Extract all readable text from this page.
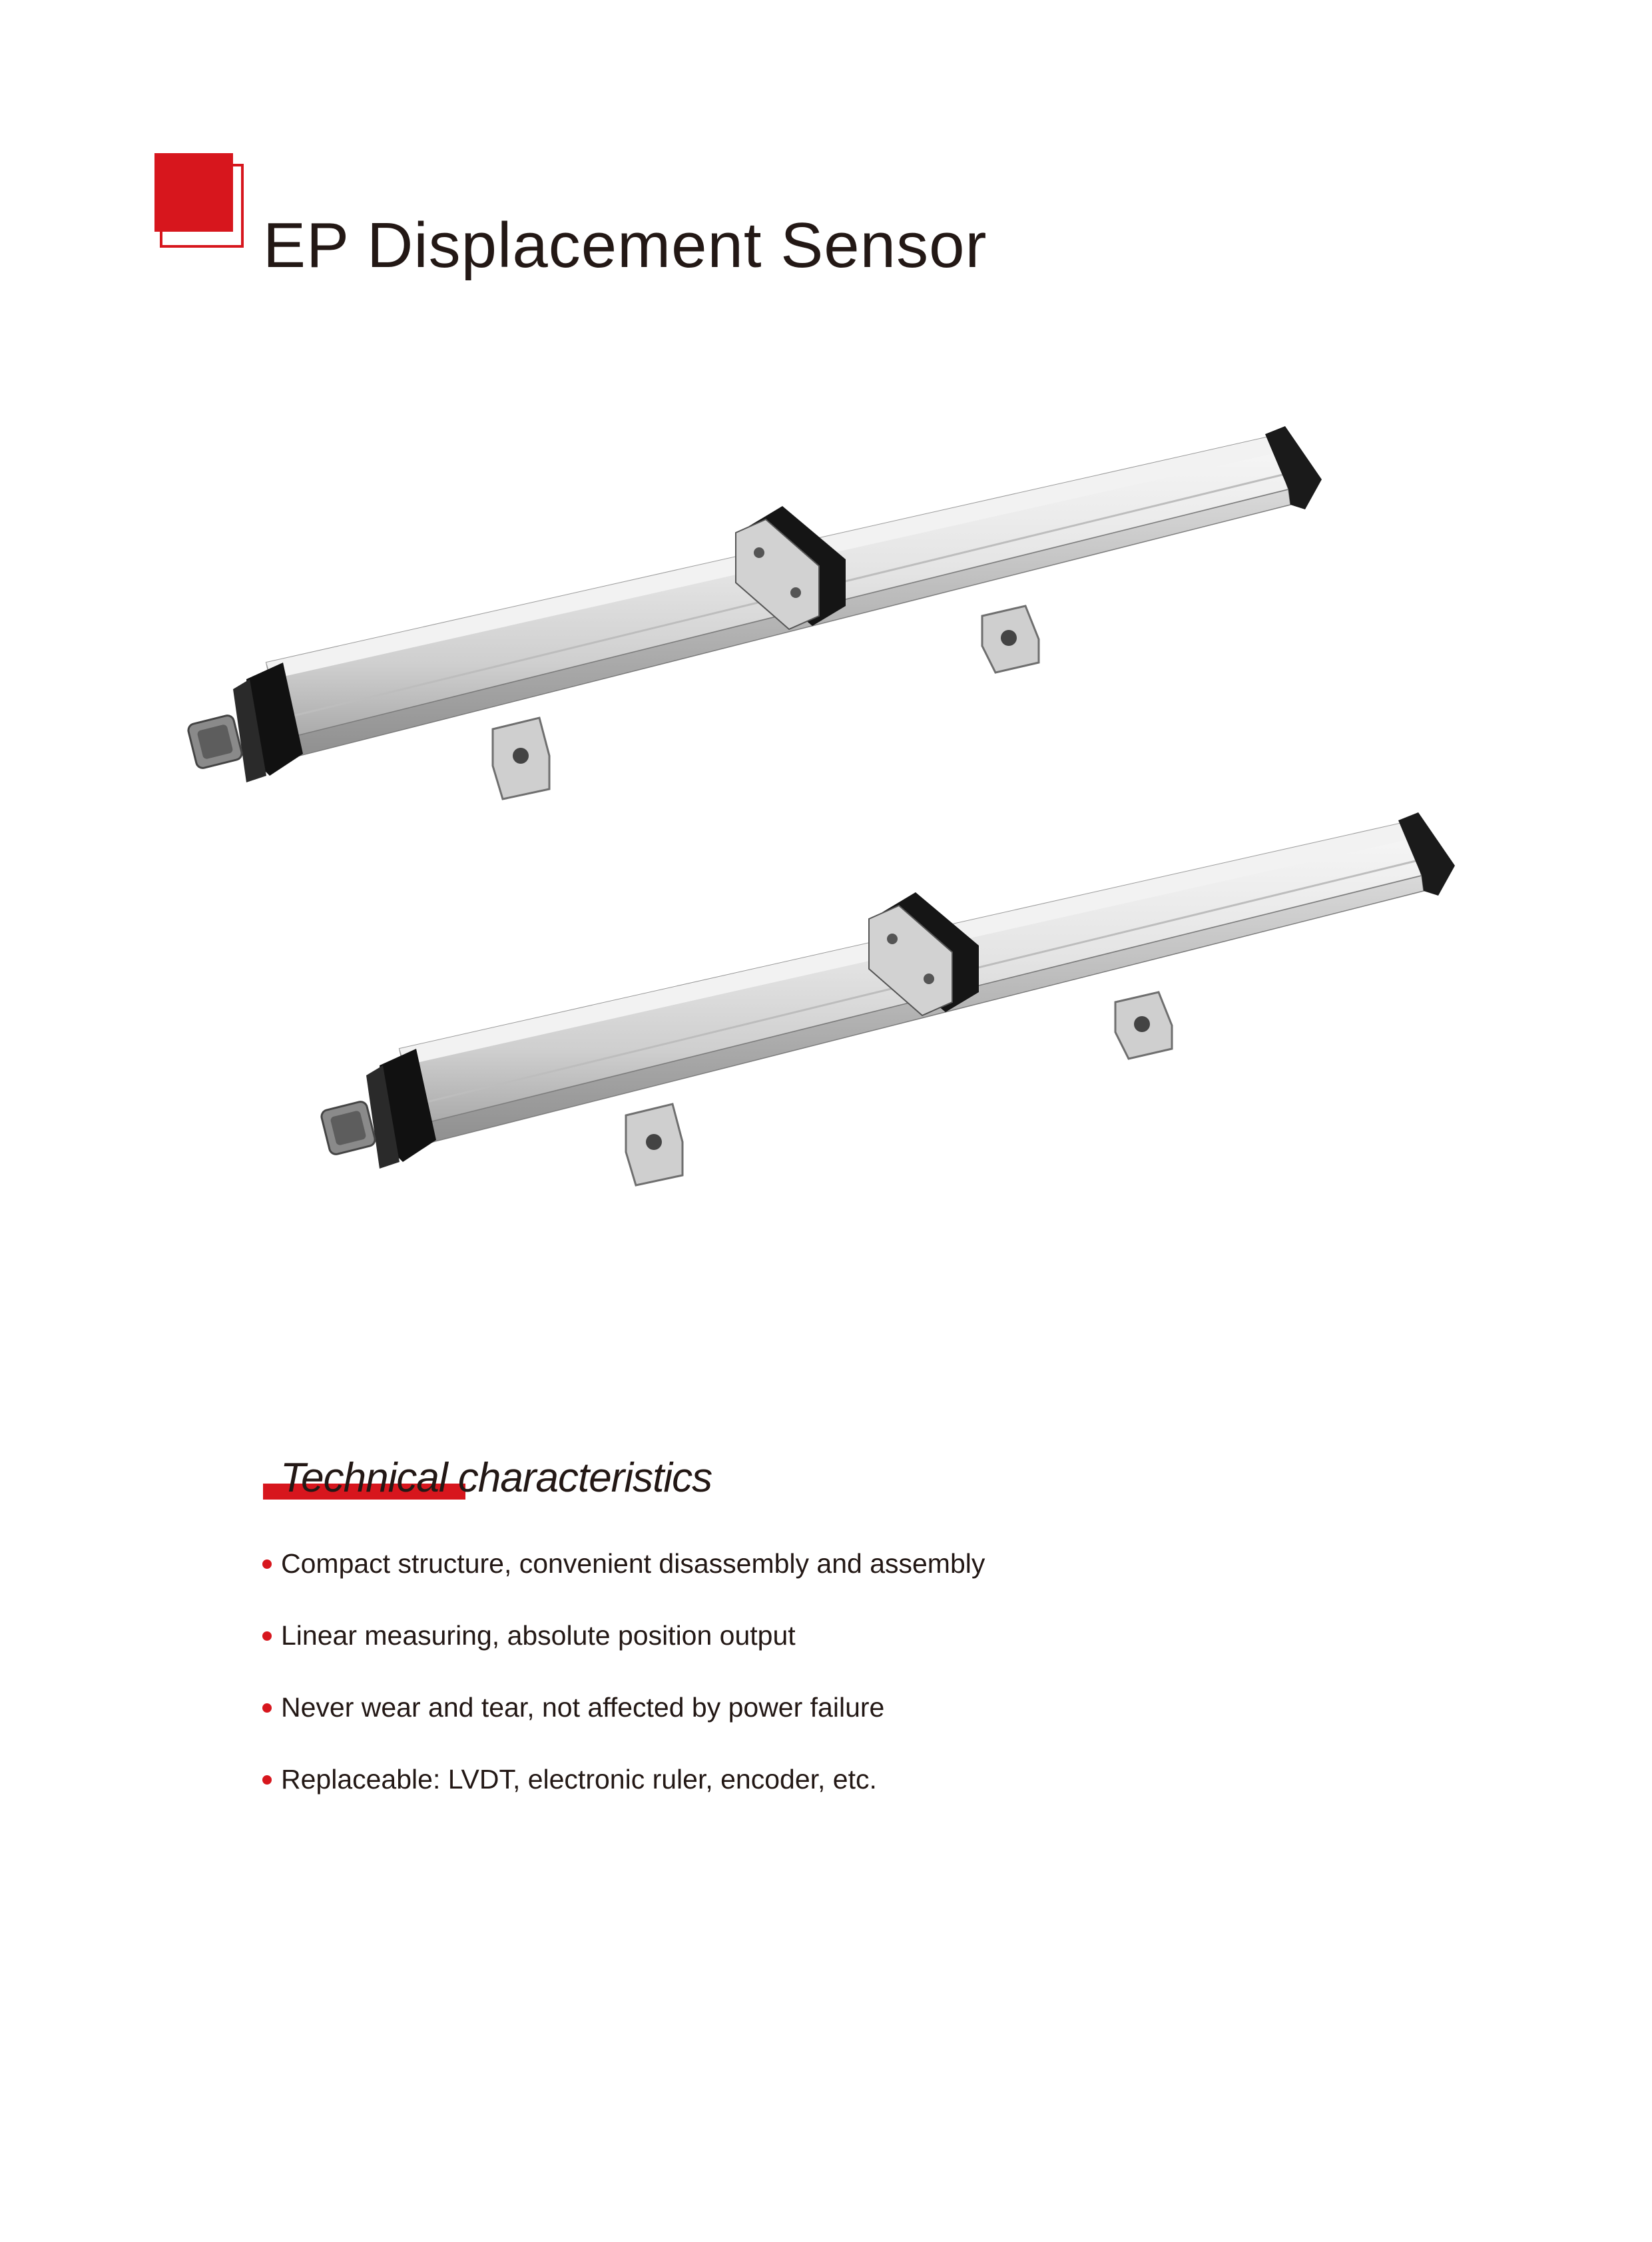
EP Displacement Sensor
Technical characteristics
Compact structure, convenient disassembly and assembly
Linear measuring, absolute position output
Never wear and tear, not affected by power failure
Replaceable: LVDT, electronic ruler, encoder, etc.
